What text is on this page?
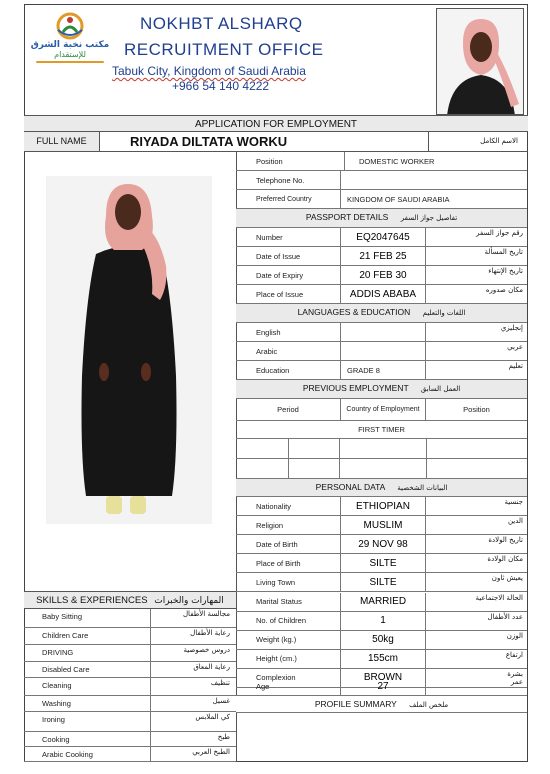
مكتب نخبة الشرق
للإستقدام
NOKHBT ALSHARQ
RECRUITMENT OFFICE
Tabuk City, Kingdom of Saudi Arabia
+966 54 140 4222
APPLICATION FOR EMPLOYMENT
FULL NAME	RIYADA DILTATA WORKU	الاسم الكامل
Position	DOMESTIC WORKER
Telephone No.
Preferred Country	KINGDOM OF SAUDI ARABIA
PASSPORT DETAILS تفاصيل جواز السفر
Number	EQ2047645	رقم جواز السفر
Date of Issue	21 FEB 25	تاريخ المسألة
Date of Expiry	20 FEB 30	تاريخ الإنتهاء
Place of Issue	ADDIS ABABA	مكان صدوره
LANGUAGES & EDUCATION اللغات والتعليم
English	إنجليزي
Arabic	عربي
Education	GRADE 8	تعليم
PREVIOUS EMPLOYMENT العمل السابق
Period	Country of Employment	Position
FIRST TIMER
PERSONAL DATA البيانات الشخصية
Nationality	ETHIOPIAN	جنسية
Religion	MUSLIM	الدين
Date of Birth	29 NOV 98	تاريخ الولادة
Place of Birth	SILTE	مكان الولادة
Living Town	SILTE	يعيش ثاون
Marital Status	MARRIED	الحالة الاجتماعية
No. of Children	1	عدد الأطفال
Weight (kg.)	50kg	الوزن
Height (cm.)	155cm	ارتفاع
Complexion	BROWN	بشرة
Age	27	عمر
PROFILE SUMMARY ملخص الملف
SKILLS & EXPERIENCES المهارات والخبرات
Baby Sitting	مجالسة الأطفال
Children Care	رعاية الأطفال
DRIVING	دروس خصوصية
Disabled Care	رعاية المعاق
Cleaning	تنظيف
Washing	غسيل
Ironing	كي الملابس
Cooking	طبخ
Arabic Cooking	الطبخ العربي
